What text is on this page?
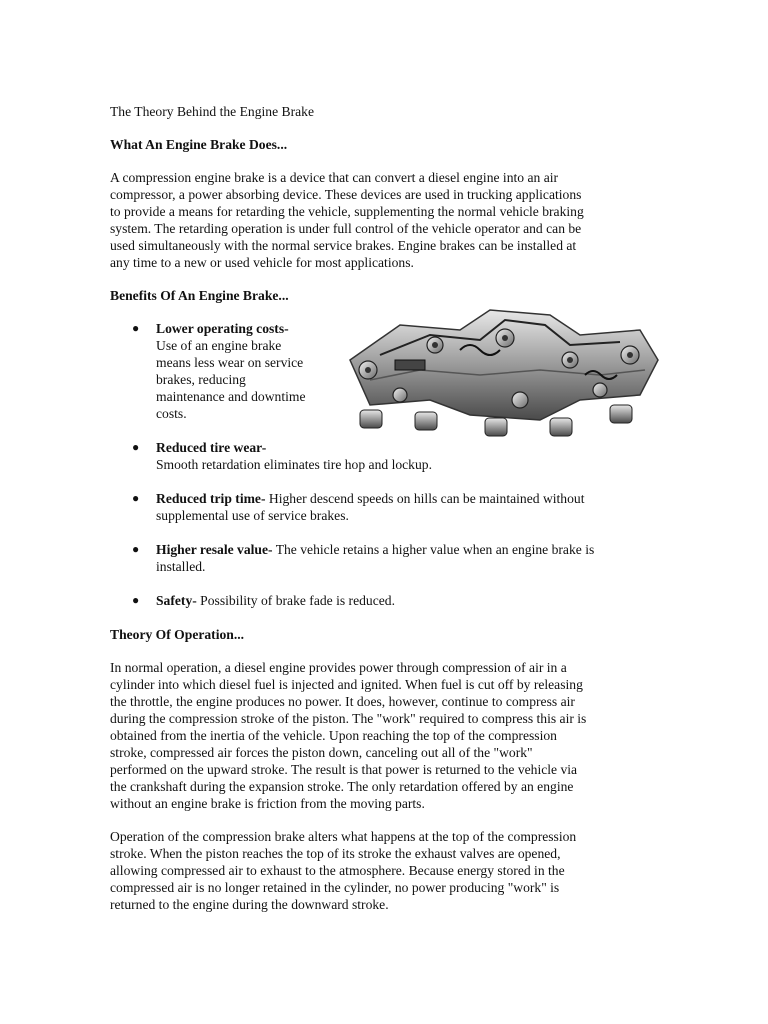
The Theory Behind the Engine Brake

What An Engine Brake Does...

A compression engine brake is a device that can convert a diesel engine into an air
compressor, a power absorbing device. These devices are used in trucking applications
to provide a means for retarding the vehicle, supplementing the normal vehicle braking
system. The retarding operation is under full control of the vehicle operator and can be
used simultaneously with the normal service brakes. Engine brakes can be installed at
any time to a new or used vehicle for most applications.

Benefits Of An Engine Brake...

● Lower operating costs-
Use of an engine brake
means less wear on service
brakes, reducing
maintenance and downtime
costs.
● Reduced tire wear-
Smooth retardation eliminates tire hop and lockup.
● Reduced trip time- Higher descend speeds on hills can be maintained without
supplemental use of service brakes.
● Higher resale value- The vehicle retains a higher value when an engine brake is
installed.
● Safety- Possibility of brake fade is reduced.

Theory Of Operation...

In normal operation, a diesel engine provides power through compression of air in a
cylinder into which diesel fuel is injected and ignited. When fuel is cut off by releasing
the throttle, the engine produces no power. It does, however, continue to compress air
during the compression stroke of the piston. The "work" required to compress this air is
obtained from the inertia of the vehicle. Upon reaching the top of the compression
stroke, compressed air forces the piston down, canceling out all of the "work"
performed on the upward stroke. The result is that power is returned to the vehicle via
the crankshaft during the expansion stroke. The only retardation offered by an engine
without an engine brake is friction from the moving parts.

Operation of the compression brake alters what happens at the top of the compression
stroke. When the piston reaches the top of its stroke the exhaust valves are opened,
allowing compressed air to exhaust to the atmosphere. Because energy stored in the
compressed air is no longer retained in the cylinder, no power producing "work" is
returned to the engine during the downward stroke.
